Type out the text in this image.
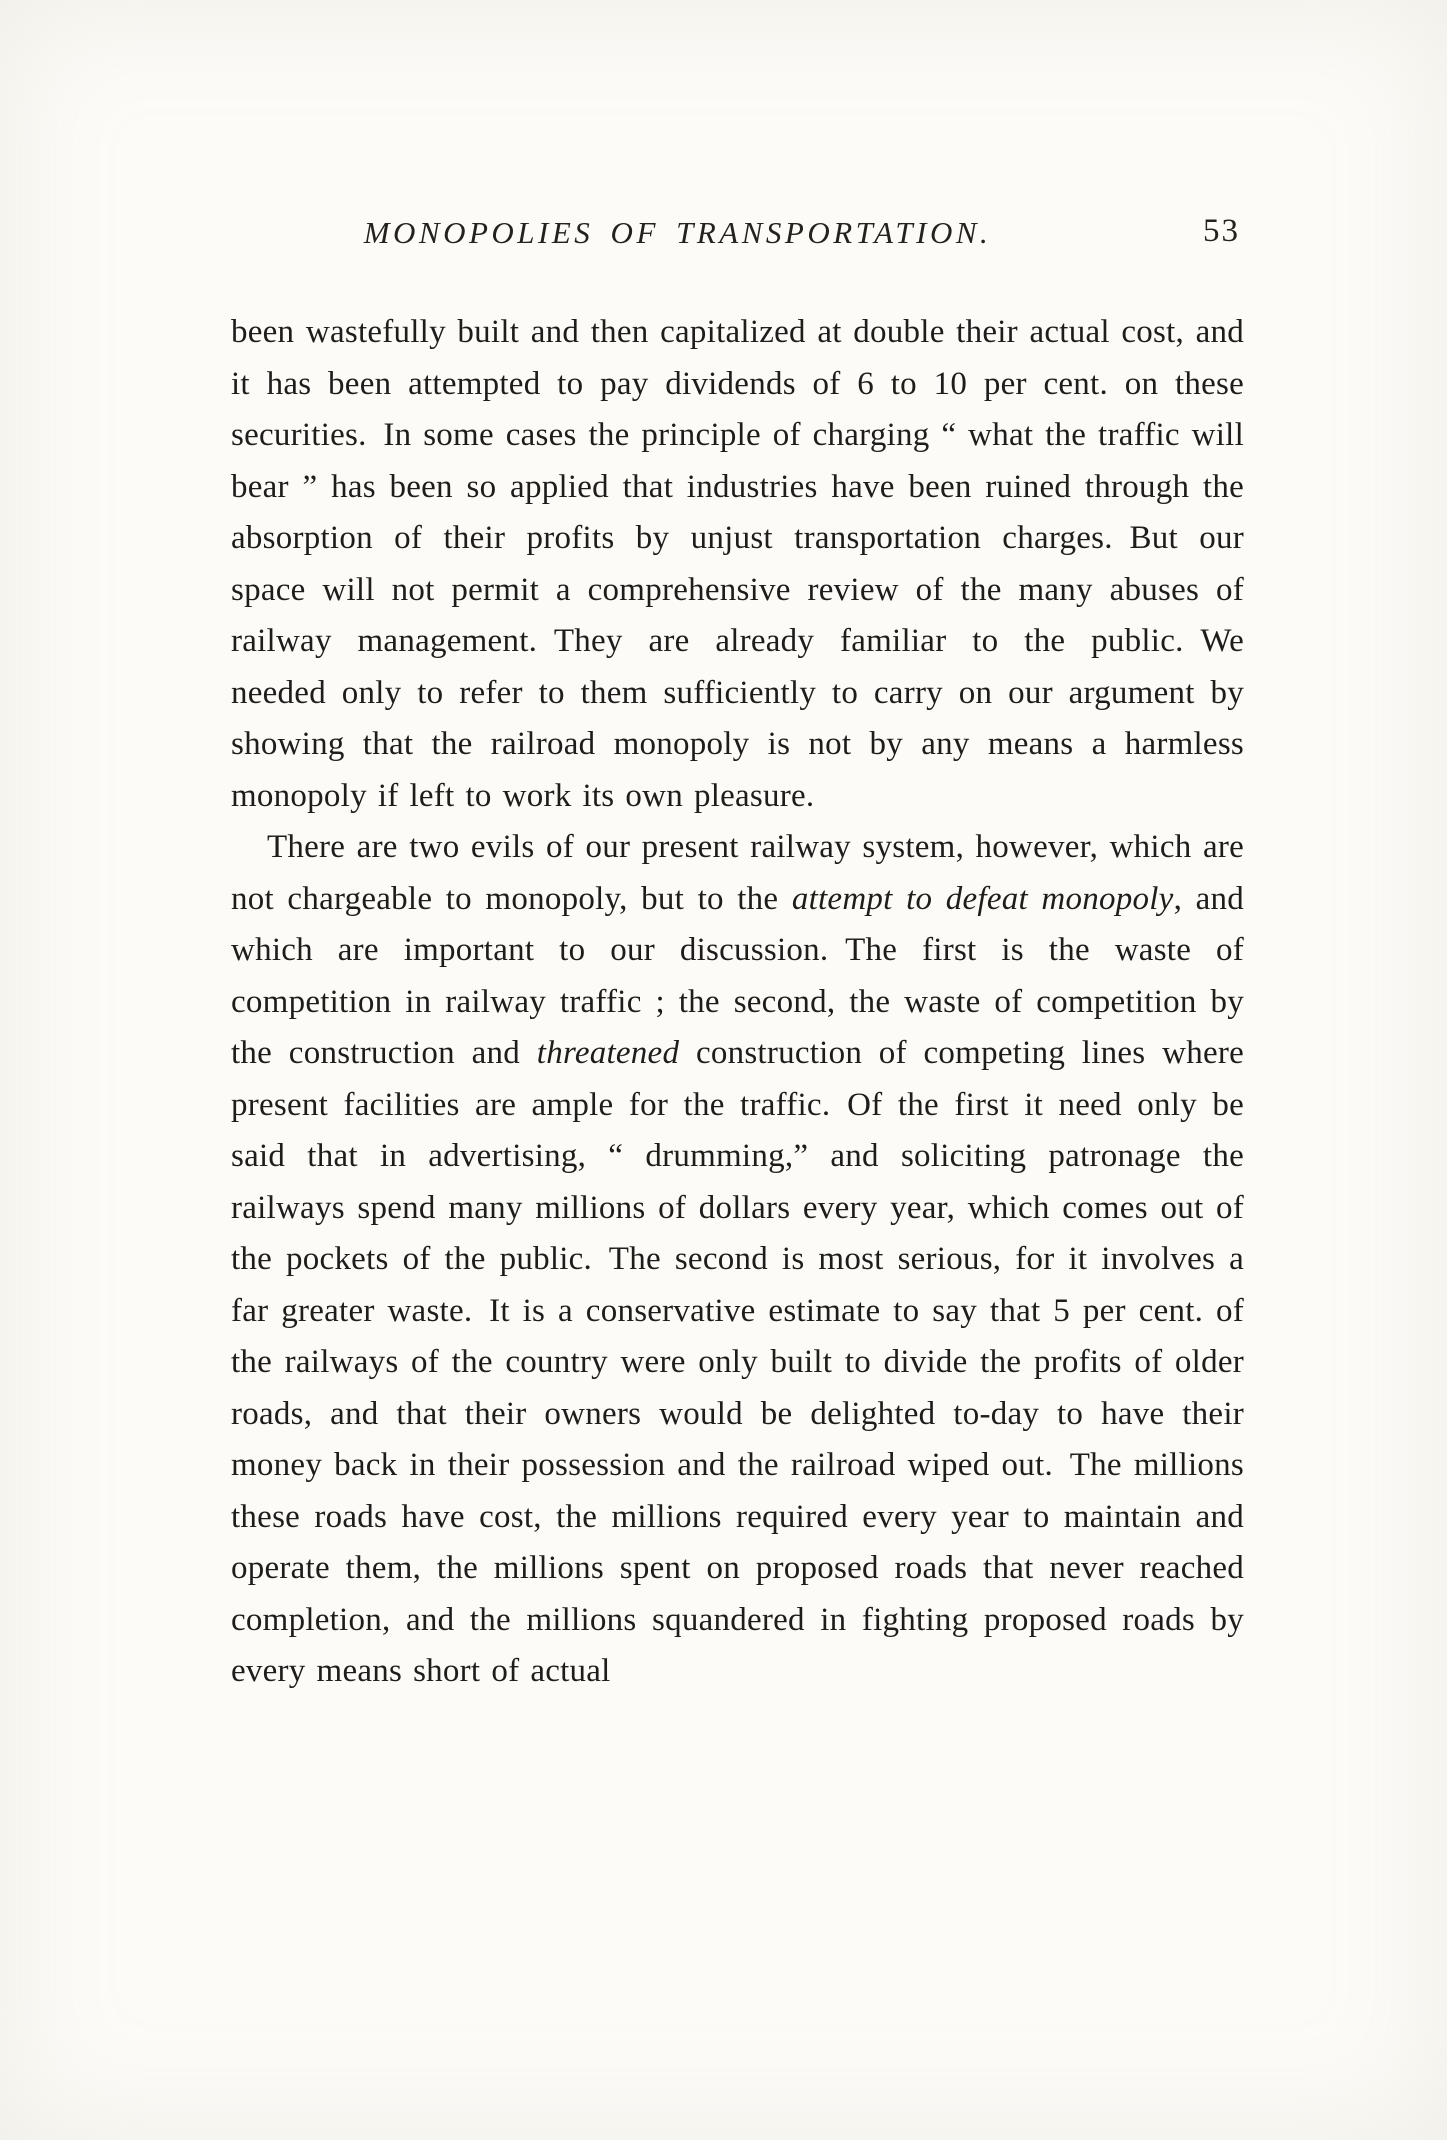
MONOPOLIES OF TRANSPORTATION.	53

been wastefully built and then capitalized at double their actual cost, and it has been attempted to pay dividends of 6 to 10 per cent. on these securities. In some cases the principle of charging “ what the traffic will bear ” has been so applied that industries have been ruined through the absorption of their profits by unjust transportation charges. But our space will not permit a comprehensive review of the many abuses of railway management. They are already familiar to the public. We needed only to refer to them sufficiently to carry on our argument by showing that the railroad monopoly is not by any means a harmless monopoly if left to work its own pleasure.

There are two evils of our present railway system, however, which are not chargeable to monopoly, but to the attempt to defeat monopoly, and which are important to our discussion. The first is the waste of competition in railway traffic ; the second, the waste of competition by the construction and threatened construction of competing lines where present facilities are ample for the traffic. Of the first it need only be said that in advertising, “ drumming,” and soliciting patronage the railways spend many millions of dollars every year, which comes out of the pockets of the public. The second is most serious, for it involves a far greater waste. It is a conservative estimate to say that 5 per cent. of the railways of the country were only built to divide the profits of older roads, and that their owners would be delighted to-day to have their money back in their possession and the railroad wiped out. The millions these roads have cost, the millions required every year to maintain and operate them, the millions spent on proposed roads that never reached completion, and the millions squandered in fighting proposed roads by every means short of actual
